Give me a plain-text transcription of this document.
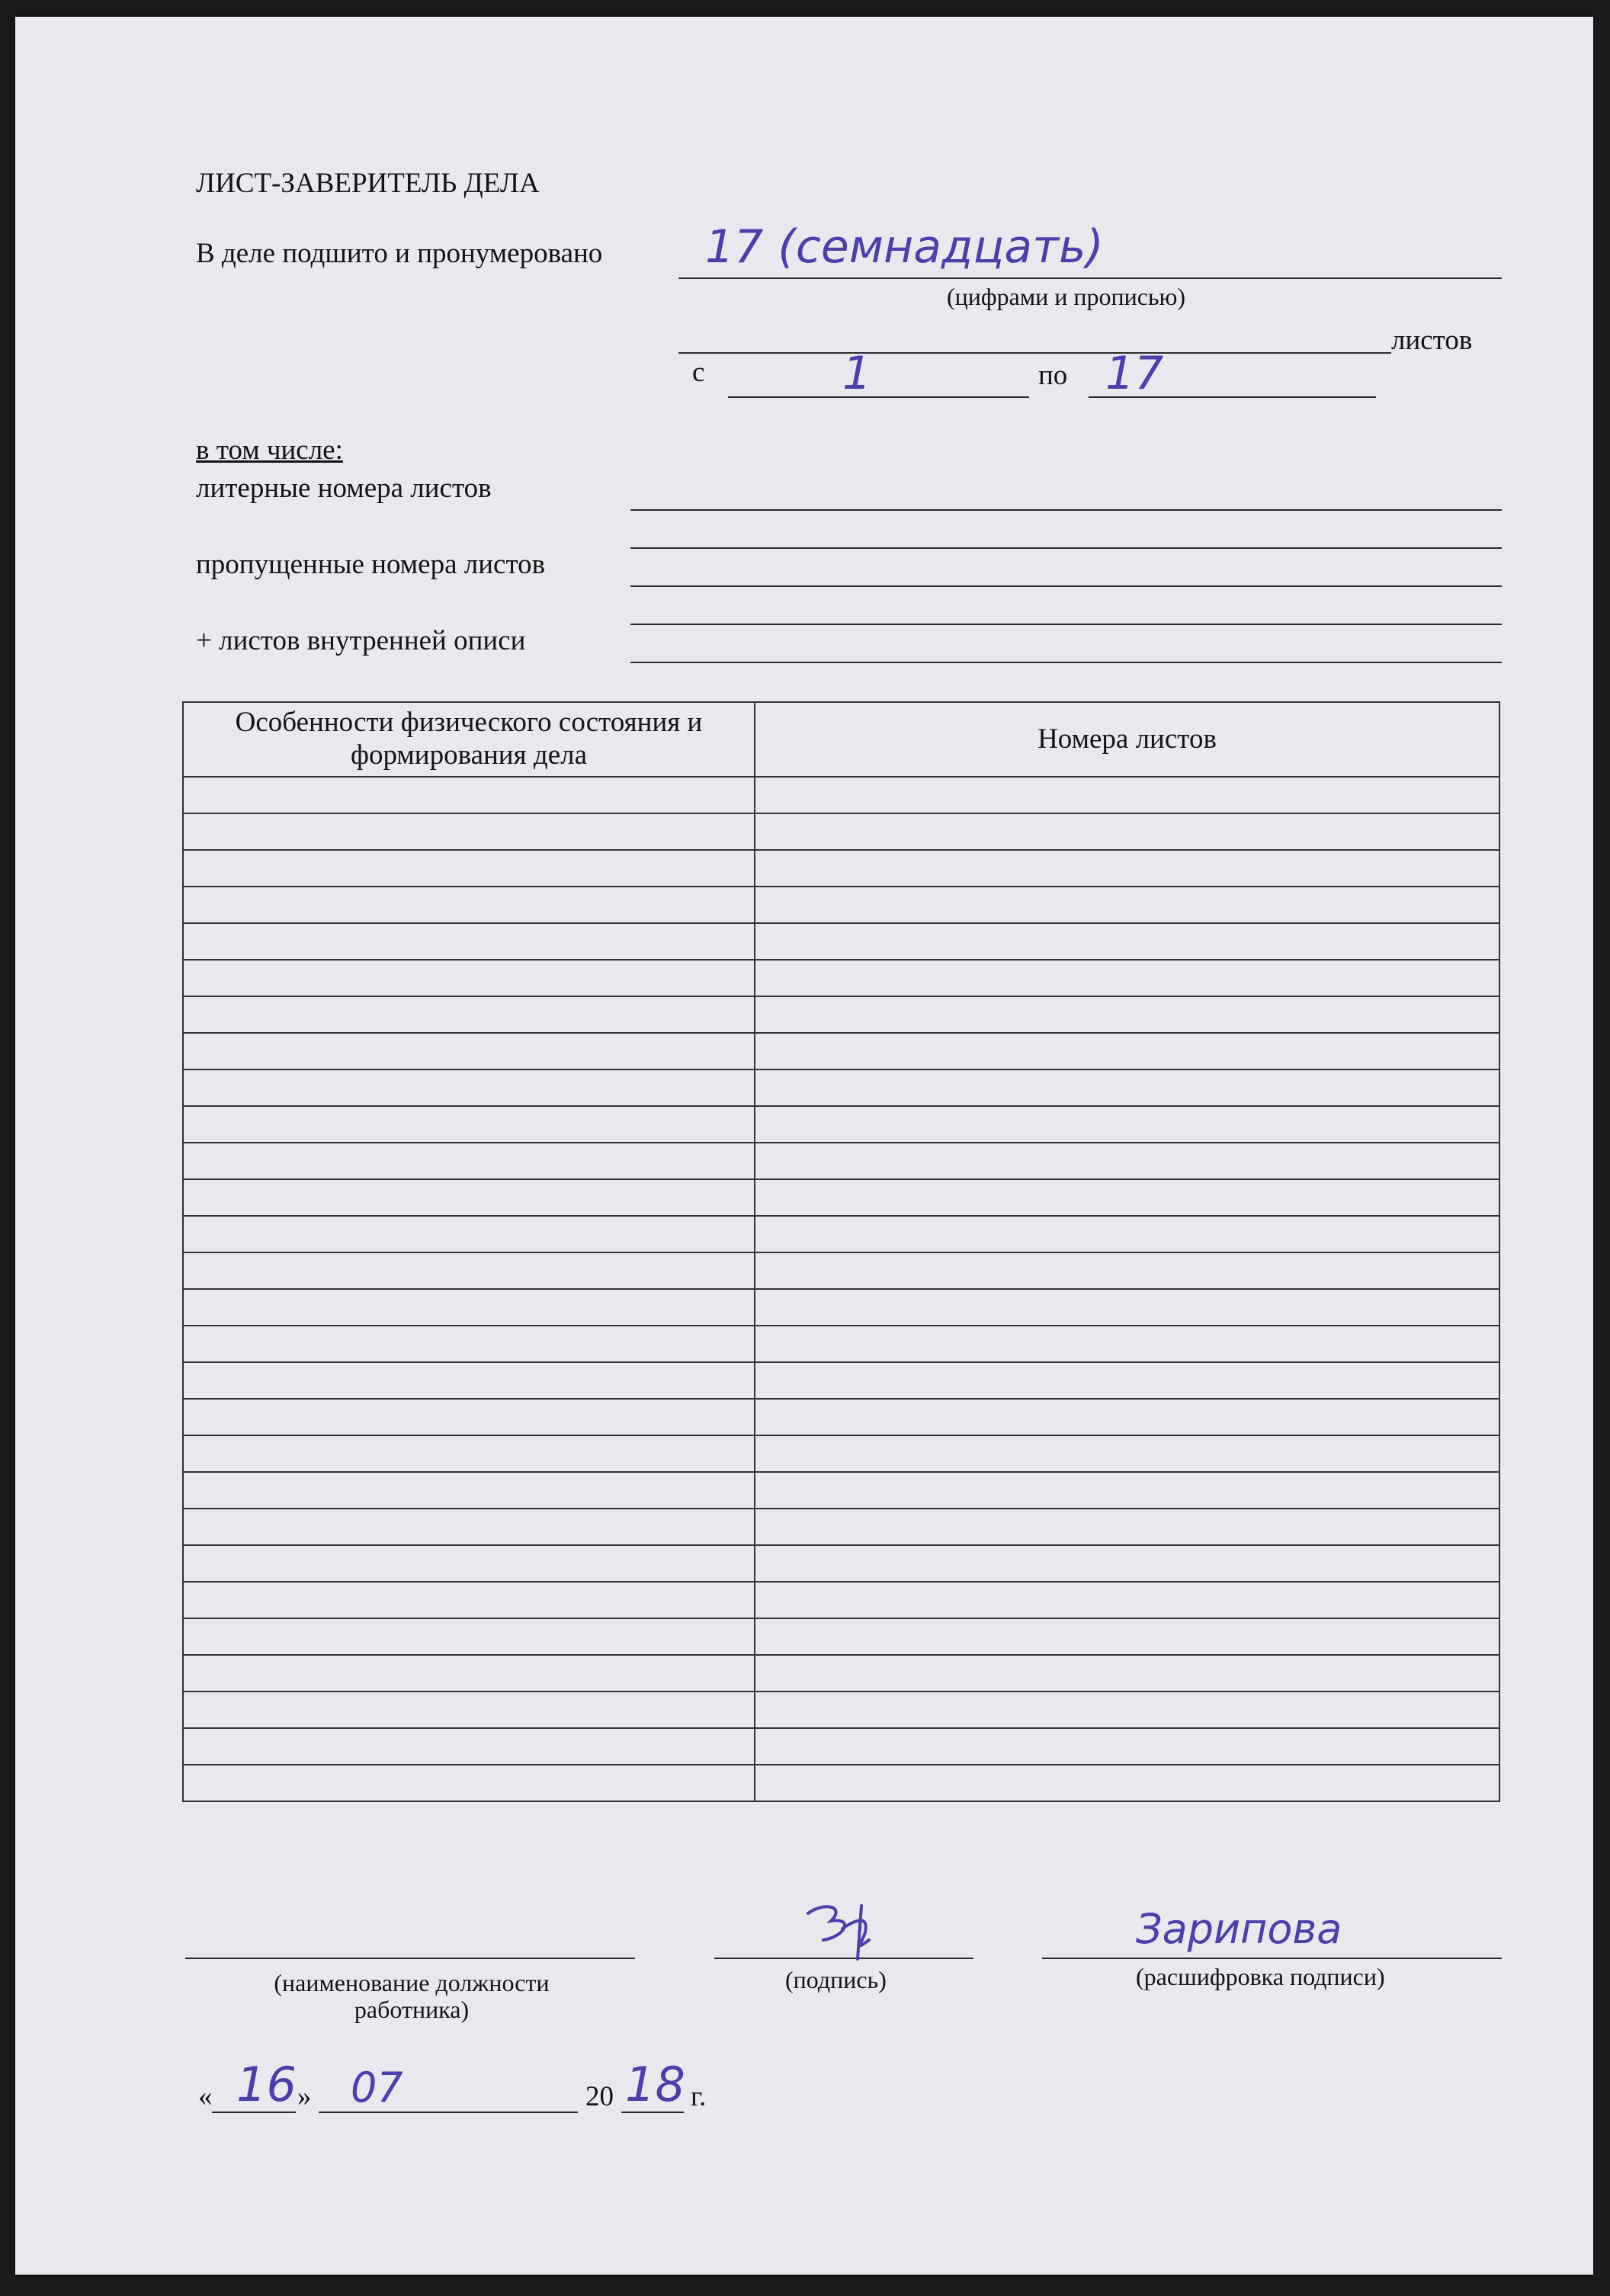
ЛИСТ-ЗАВЕРИТЕЛЬ ДЕЛА
В деле подшито и пронумеровано 17 (семнадцать)
(цифрами и прописью)
листов
с	1	по 17
в том числе:
литерные номера листов
пропущенные номера листов
+ листов внутренней описи
Особенности физического состояния и формирования дела	Номера листов

Зарипова
(наименование должности работника)
(подпись)	(расшифровка подписи)
« 16 » 07	20 18 г.
